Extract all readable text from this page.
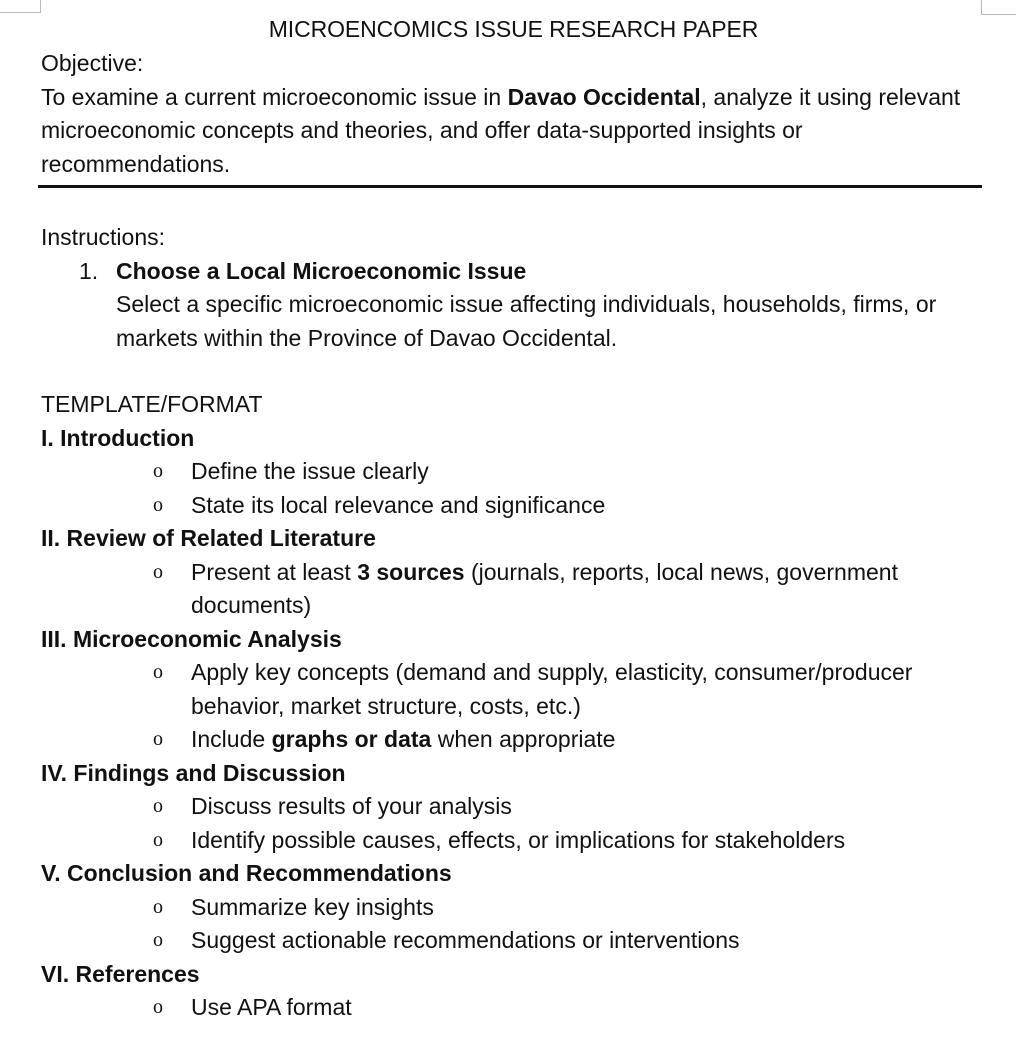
MICROENCOMICS ISSUE RESEARCH PAPER
Objective:
To examine a current microeconomic issue in Davao Occidental, analyze it using relevant microeconomic concepts and theories, and offer data-supported insights or recommendations.
Instructions:
1. Choose a Local Microeconomic Issue
Select a specific microeconomic issue affecting individuals, households, firms, or markets within the Province of Davao Occidental.
TEMPLATE/FORMAT
I. Introduction
o	Define the issue clearly
o	State its local relevance and significance
II. Review of Related Literature
o	Present at least 3 sources (journals, reports, local news, government documents)
III. Microeconomic Analysis
o	Apply key concepts (demand and supply, elasticity, consumer/producer behavior, market structure, costs, etc.)
o	Include graphs or data when appropriate
IV. Findings and Discussion
o	Discuss results of your analysis
o	Identify possible causes, effects, or implications for stakeholders
V. Conclusion and Recommendations
o	Summarize key insights
o	Suggest actionable recommendations or interventions
VI. References
o	Use APA format
